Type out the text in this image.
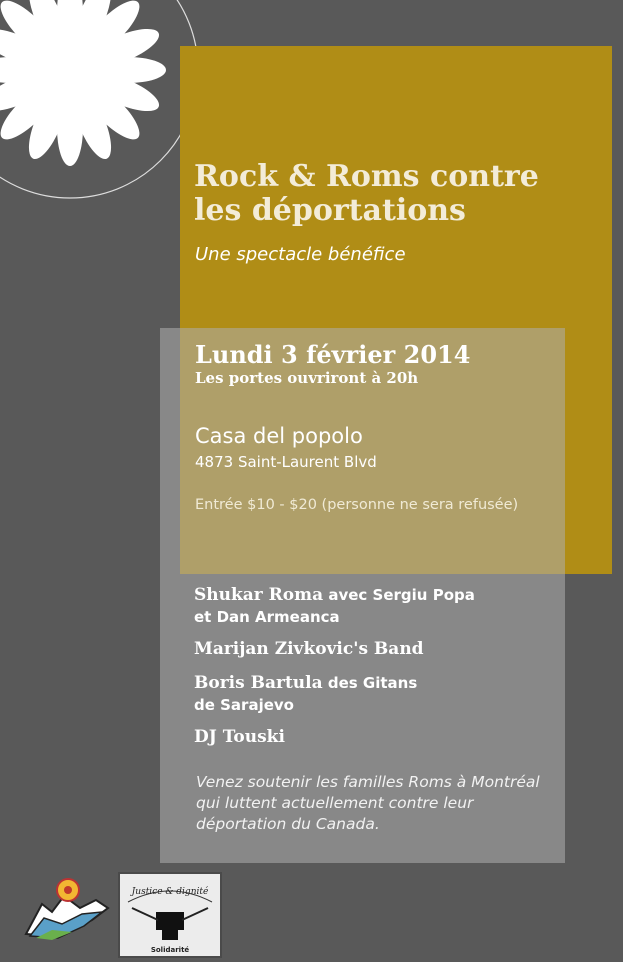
Rock & Roms contre
les déportations
Une spectacle bénéfice
Lundi 3 février 2014
Les portes ouvriront à 20h
Casa del popolo
4873 Saint-Laurent Blvd
Entrée $10 - $20 (personne ne sera refusée)
Shukar Roma avec Sergiu Popa
et Dan Armeanca
Marijan Zivkovic's Band
Boris Bartula des Gitans
de Sarajevo
DJ Touski
Venez soutenir les familles Roms à Montréal
qui luttent actuellement contre leur
déportation du Canada.
Justice & dignité
Solidarité
